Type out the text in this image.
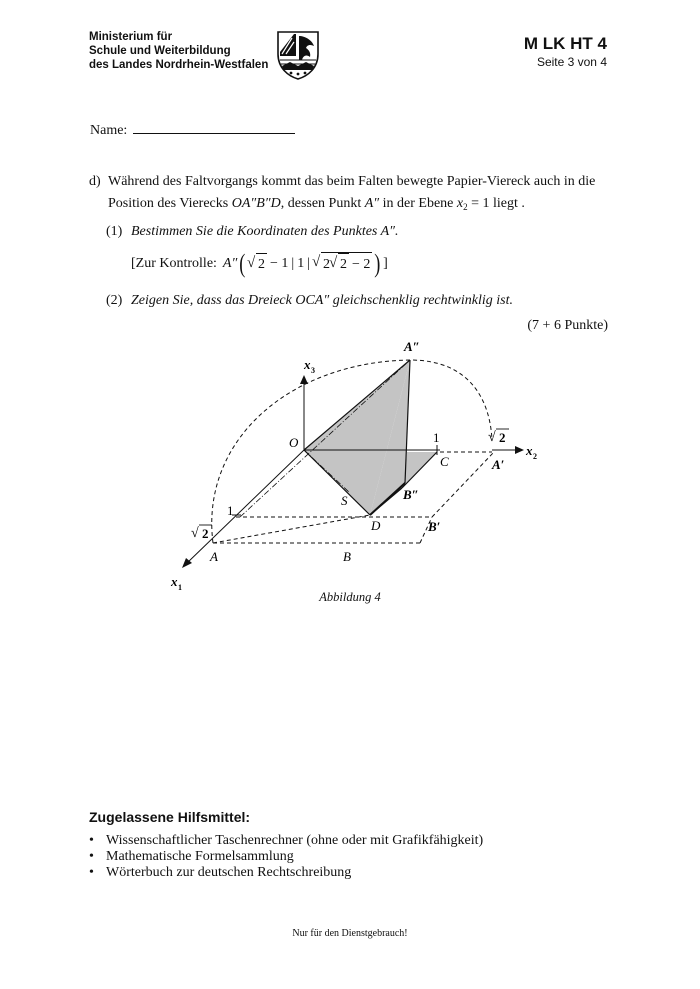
Ministerium für
Schule und Weiterbildung
des Landes Nordrhein-Westfalen
M LK HT 4
Seite 3 von 4
Name:
d) Während des Faltvorgangs kommt das beim Falten bewegte Papier-Viereck auch in die
Position des Vierecks OA″B″D, dessen Punkt A″ in der Ebene $x_2 = 1$ liegt .
(1) Bestimmen Sie die Koordinaten des Punktes A″.
[Zur Kontrolle: A″ ( √ 2 − 1 | 1 | √ 2 √ 2 − 2 ) ]
(2) Zeigen Sie, dass das Dreieck OCA″ gleichschenklig rechtwinklig ist.
(7 + 6 Punkte)
A″
x 3
O	1	√ 2
x 2
C	A′
S	B″
1
√ 2
D	B′
A	B
x 1
Abbildung 4
Zugelassene Hilfsmittel:
• Wissenschaftlicher Taschenrechner (ohne oder mit Grafikfähigkeit)
• Mathematische Formelsammlung
• Wörterbuch zur deutschen Rechtschreibung
Nur für den Dienstgebrauch!
